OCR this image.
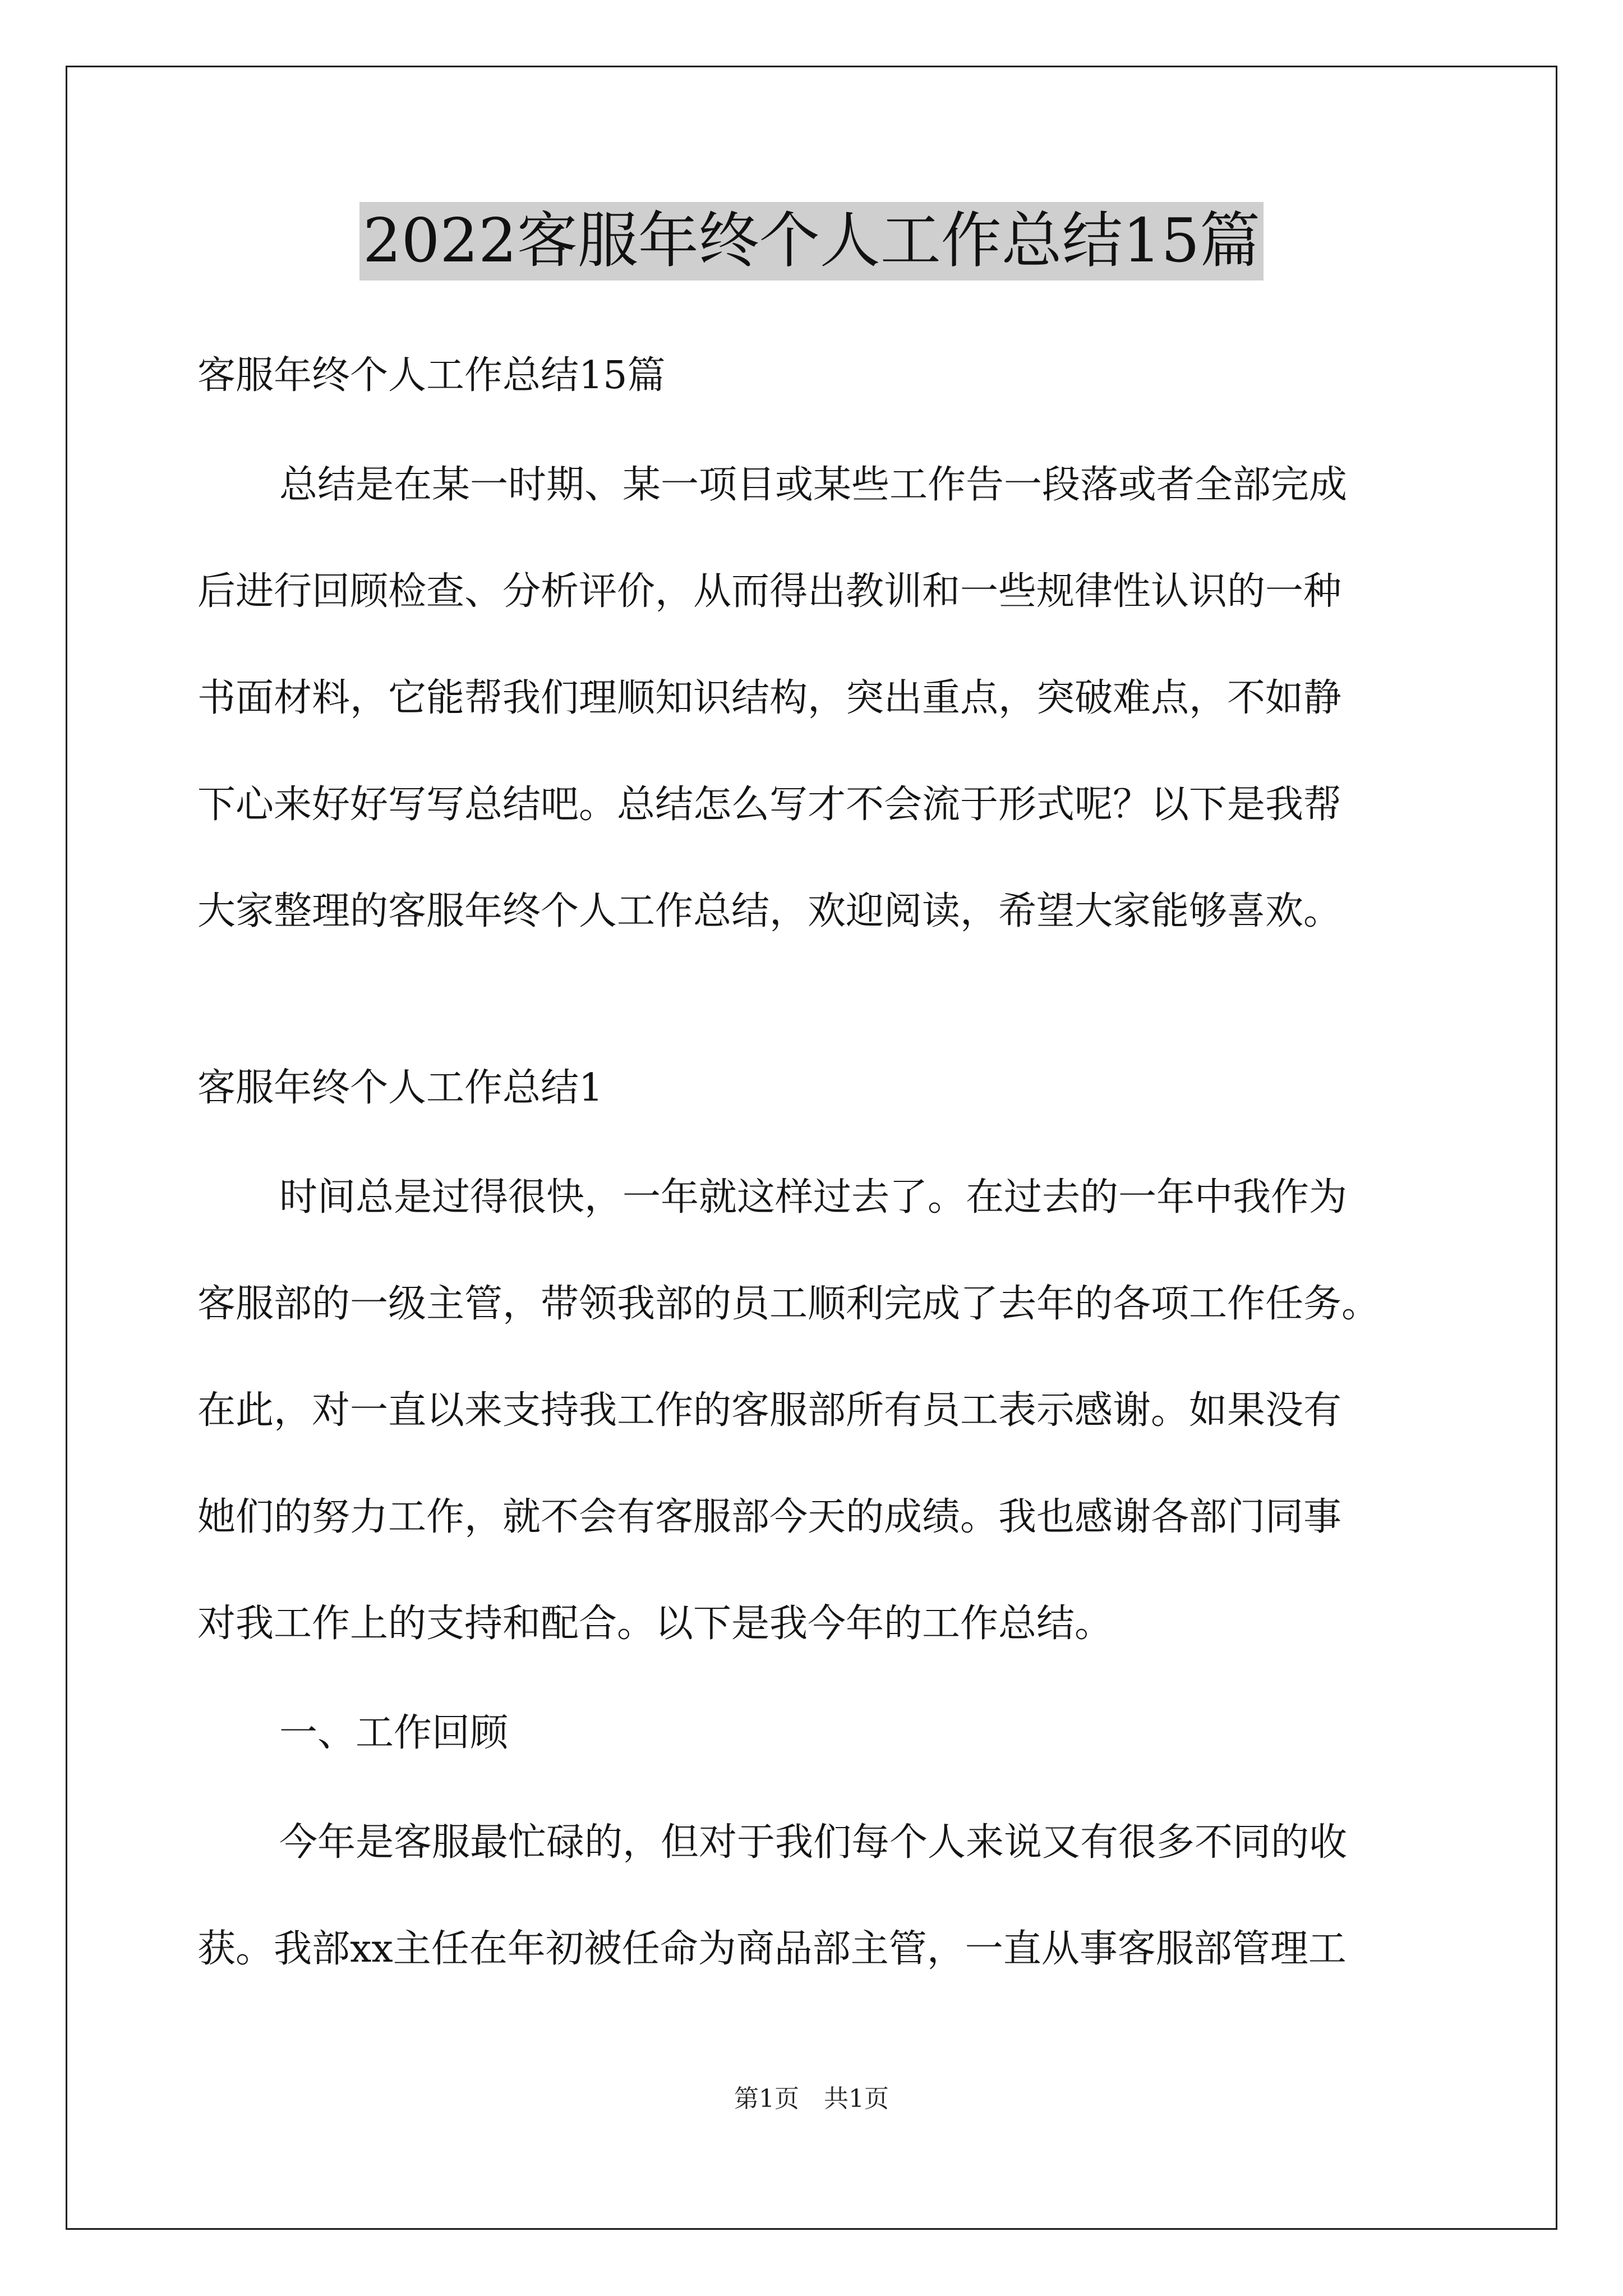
2022客服年终个人工作总结15篇
客服年终个人工作总结15篇
总结是在某一时期、某一项目或某些工作告一段落或者全部完成
后进行回顾检查、分析评价，从而得出教训和一些规律性认识的一种
书面材料，它能帮我们理顺知识结构，突出重点，突破难点，不如静
下心来好好写写总结吧。总结怎么写才不会流于形式呢？以下是我帮
大家整理的客服年终个人工作总结，欢迎阅读，希望大家能够喜欢。
客服年终个人工作总结1
时间总是过得很快，一年就这样过去了。在过去的一年中我作为
客服部的一级主管，带领我部的员工顺利完成了去年的各项工作任务。
在此，对一直以来支持我工作的客服部所有员工表示感谢。如果没有
她们的努力工作，就不会有客服部今天的成绩。我也感谢各部门同事
对我工作上的支持和配合。以下是我今年的工作总结。
一、工作回顾
今年是客服最忙碌的，但对于我们每个人来说又有很多不同的收
获。我部xx主任在年初被任命为商品部主管，一直从事客服部管理工
第1页　共1页
